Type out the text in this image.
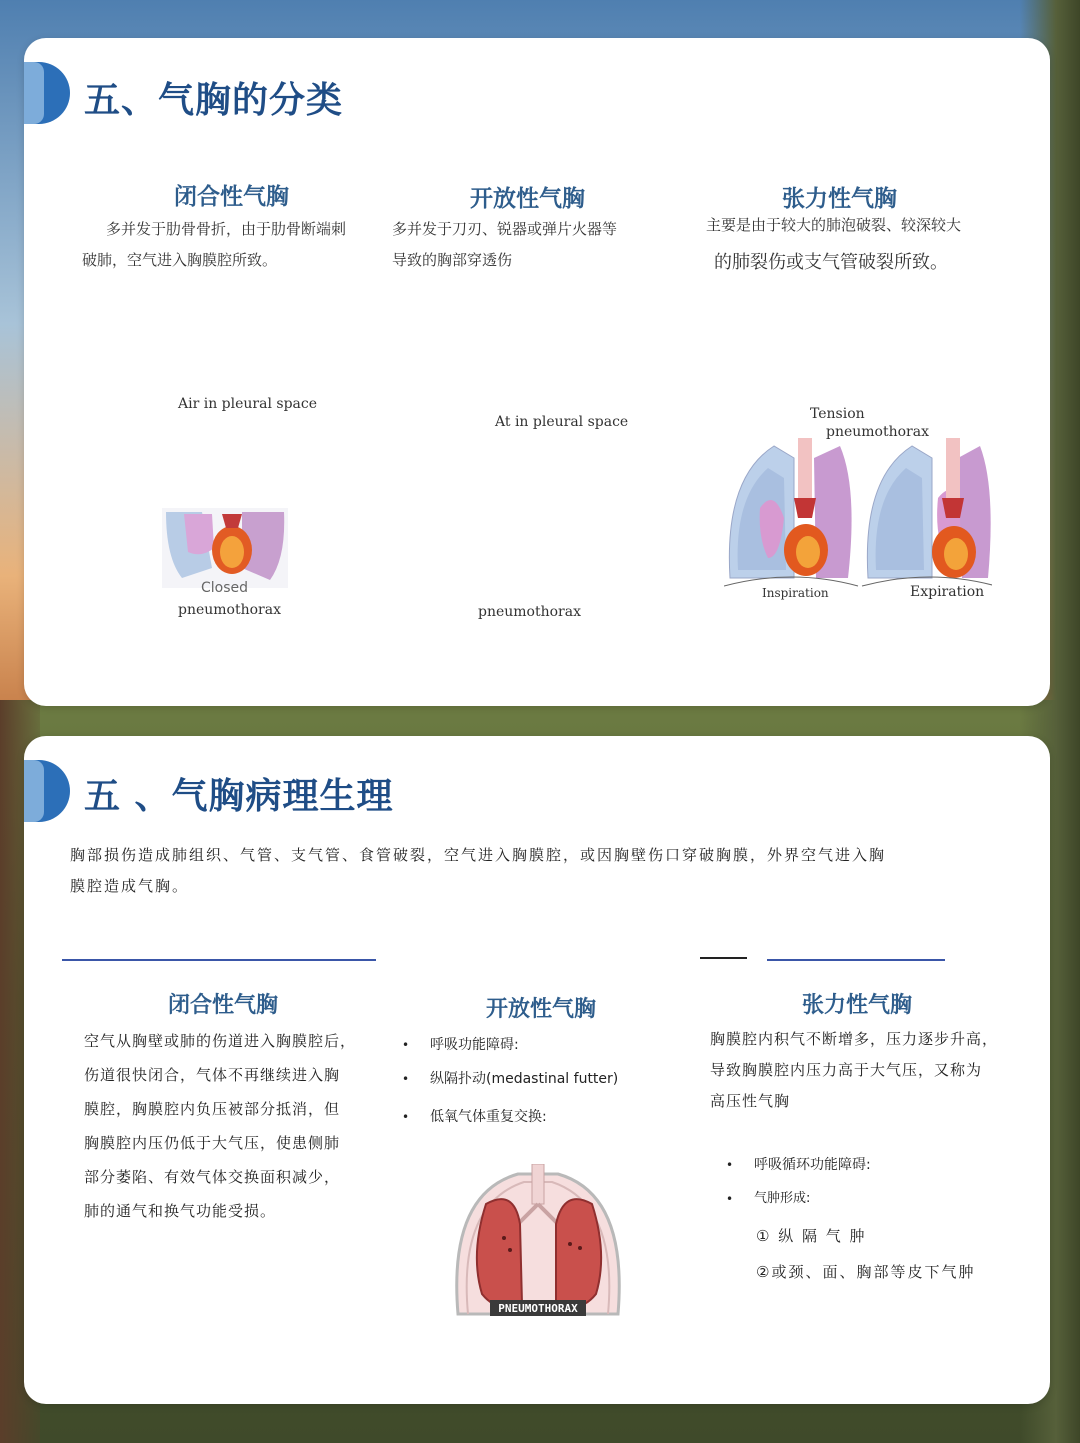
五、气胸的分类
闭合性气胸
多并发于肋骨骨折，由于肋骨断端刺
破肺，空气进入胸膜腔所致。
Air in pleural space
Closed
pneumothorax
开放性气胸
多并发于刀刃、锐器或弹片火器等
导致的胸部穿透伤
At in pleural space
pneumothorax
张力性气胸
主要是由于较大的肺泡破裂、较深较大
的肺裂伤或支气管破裂所致。
Tension
pneumothorax
Inspiration	Expiration
五 、气胸病理生理
胸部损伤造成肺组织、气管、支气管、食管破裂，空气进入胸膜腔，或因胸壁伤口穿破胸膜，外界空气进入胸
膜腔造成气胸。
闭合性气胸
空气从胸壁或肺的伤道进入胸膜腔后，
伤道很快闭合，气体不再继续进入胸
膜腔，胸膜腔内负压被部分抵消，但
胸膜腔内压仍低于大气压，使患侧肺
部分萎陷、有效气体交换面积减少，
肺的通气和换气功能受损。
开放性气胸
• 呼吸功能障碍:
• 纵隔扑动(medastinal futter)
• 低氧气体重复交换:
PNEUMOTHORAX
张力性气胸
胸膜腔内积气不断增多，压力逐步升高，
导致胸膜腔内压力高于大气压，又称为
高压性气胸
• 呼吸循环功能障碍:
• 气肿形成:
① 纵 隔 气 肿
②或颈、面、胸部等皮下气肿
